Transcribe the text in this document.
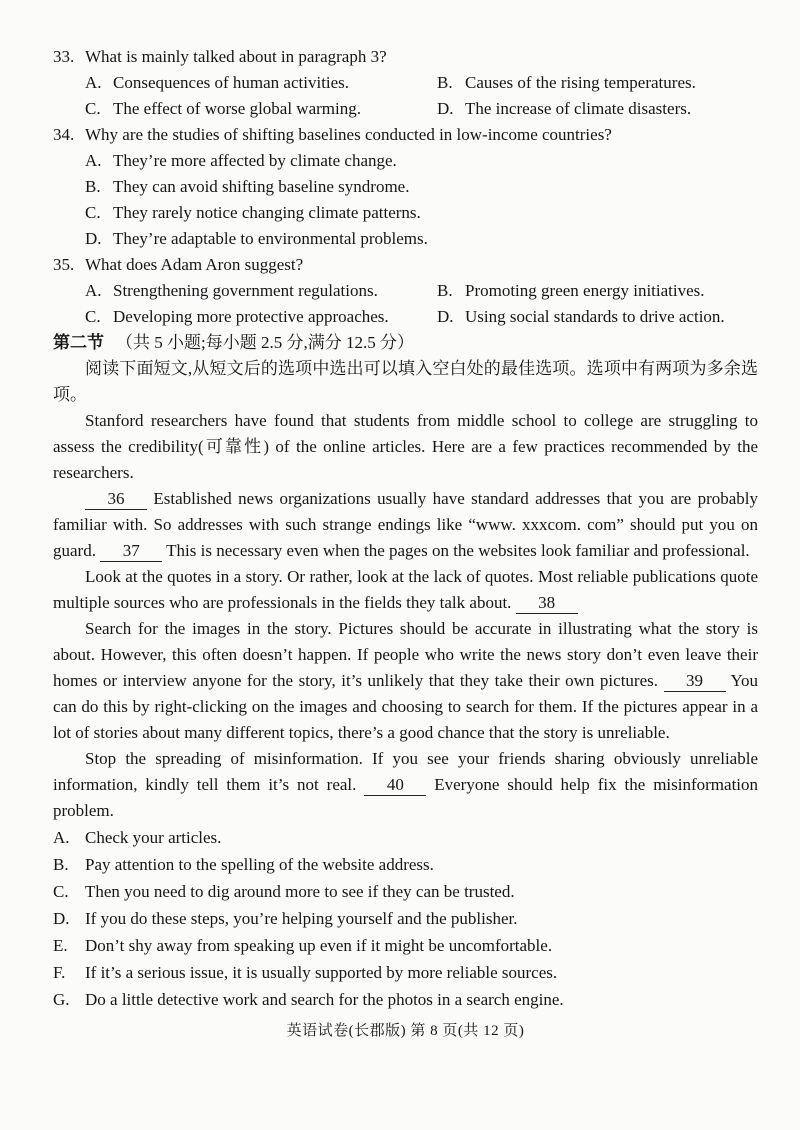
33. What is mainly talked about in paragraph 3?
A. Consequences of human activities.	B. Causes of the rising temperatures.
C. The effect of worse global warming.	D. The increase of climate disasters.
34. Why are the studies of shifting baselines conducted in low-income countries?
A. They’re more affected by climate change.
B. They can avoid shifting baseline syndrome.
C. They rarely notice changing climate patterns.
D. They’re adaptable to environmental problems.
35. What does Adam Aron suggest?
A. Strengthening government regulations.	B. Promoting green energy initiatives.
C. Developing more protective approaches.	D. Using social standards to drive action.
第二节 （共 5 小题;每小题 2.5 分,满分 12.5 分）
阅读下面短文,从短文后的选项中选出可以填入空白处的最佳选项。选项中有两项为多余选项。
Stanford researchers have found that students from middle school to college are struggling to assess the credibility(可靠性) of the online articles. Here are a few practices recommended by the researchers.
36 Established news organizations usually have standard addresses that you are probably familiar with. So addresses with such strange endings like “www. xxxcom. com” should put you on guard. 37 This is necessary even when the pages on the websites look familiar and professional.
Look at the quotes in a story. Or rather, look at the lack of quotes. Most reliable publications quote multiple sources who are professionals in the fields they talk about. 38
Search for the images in the story. Pictures should be accurate in illustrating what the story is about. However, this often doesn’t happen. If people who write the news story don’t even leave their homes or interview anyone for the story, it’s unlikely that they take their own pictures. 39 You can do this by right-clicking on the images and choosing to search for them. If the pictures appear in a lot of stories about many different topics, there’s a good chance that the story is unreliable.
Stop the spreading of misinformation. If you see your friends sharing obviously unreliable information, kindly tell them it’s not real. 40 Everyone should help fix the misinformation problem.
A. Check your articles.
B. Pay attention to the spelling of the website address.
C. Then you need to dig around more to see if they can be trusted.
D. If you do these steps, you’re helping yourself and the publisher.
E.	Don’t shy away from speaking up even if it might be uncomfortable.
F.	If it’s a serious issue, it is usually supported by more reliable sources.
G. Do a little detective work and search for the photos in a search engine.
英语试卷(长郡版) 第 8 页(共 12 页)
